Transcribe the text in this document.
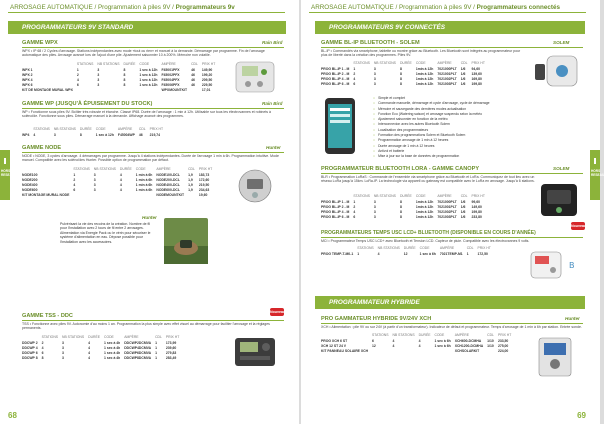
ARROSAGE AUTOMATIQUE / Programmation à piles 9V / Programmateurs 9v
PROGRAMMATEURS 9V STANDARD
HORS RESEAU
GAMME WPX	Rain Bird
WPX • IP 68 / 2 Cycles d'arrosage. Stations indépendantes avec mode «tout ou rien» et manuel à la demande. Démarrage par programme. Fin de l'arrosage automatique des piles. Arrosage avancé lors de l'ajout d'une pile. Ajustement saisonnier 10 à 200%. Mémoire non volatile.
	STATIONS	NB STATIONS	DURÉE	CODE	AMPÈRE	CDL	PRIX HT
WPX 1	1	3	8	1 sec à 12h	F45001PFX	46	149,90
WPX 2	2	3	8	1 sec à 12h	F45002PFX	46	199,20
WPX 4	4	3	8	1 sec à 12h	F45004PFX	46	209,50
WPX 6	6	3	8	1 sec à 12h	F45006PFX	46	229,50
KIT DE MONTAGE MURAL WPX					WPXMOUNTKIT		17,01
GAMME WP (JUSQU'À ÉPUISEMENT DU STOCK)	Rain Bird
WP • Fonctionne sous piles 9V. Boîtier très robuste et étanche. Classé IP68. Durée de l'arrosage : 1 min à 12h. Utilisable sur tous les électrovannes et robinets à solénoïde. Fonctionne sous piles. Démarrage manuel à la demande. Affichage avancé des programmes.
	STATIONS	NB STATIONS	DURÉE	CODE	AMPÈRE	CDL	PRIX HT
WP4	4	3	8	1 sec à 12h	F45004WP	46	219,74
GAMME NODE	Hunter
NODE • NODE, 3 cycles d'arrosage. 4 démarrages par programme. Jusqu'à 4 stations indépendantes. Durée de l'arrosage 1 min à 6h. Programmation intuitive. Mode manuel. Compatible avec les solénoïdes Hunter. Possible option de programmation par défaut.
	STATIONS	NB STATIONS	DURÉE	CODE	AMPÈRE	CDL	PRIX HT
NODE100	1	3	4	1 min à 6h	NODE100-DCL	1,9	183,73
NODE200	2	3	4	1 min à 6h	NODE200-DCL	1,9	172,60
NODE400	4	3	4	1 min à 6h	NODE400-DCL	1,9	219,50
NODE600	6	3	4	1 min à 6h	NODE600-DCL	1,9	234,63
KIT MONTAGE MURAL NODE					NODEMOUNTKIT		19,60
Hunter
Pulvérisant la vie des recoins de la création. Nombre de fil pour l'installation avec 2 tours de fil entre 2 arrosages. Alimentation via Energie Pack ou le vérin pour sécuriser le système d'alimentation en eau. Dépose possible pour l'installation avec les accessoires.
GAMME TSS - DDC
Nouveau
TSS • Fonctionne avec piles 9V. Autonomie d'au moins 1 an. Programmation la plus simple avec effet visuel au démarrage pour faciliter l'arrosage et la réglages permanents.
	STATIONS	NB STATIONS	DURÉE	CODE	AMPÈRE	CDL	PRIX HT
DDCWP 2	2	3	4	1 sec à 4h	DDCWP2DCMVA	1	173,99
DDCWP 4	4	3	4	1 sec à 4h	DDCWP4DCMVA	1	239,60
DDCWP 6	6	3	4	1 sec à 4h	DDCWP6DCMVA	1	279,83
DDCWP 8	8	3	4	1 sec à 4h	DDCWP8DCMVA	1	283,49
68
ARROSAGE AUTOMATIQUE / Programmation à piles 9V / Programmateurs connectés
PROGRAMMATEURS 9V CONNECTÉS
HORS RESEAU
GAMME BL-IP BLUETOOTH - SOLEM	SOLEM
BL-IP • Commandés via smartphone, tablette ou montre grâce au Bluetooth. Les Bluetooth sont intégrés au programmateur pour plus de liberté dans la création des programmes. Piles 9V.
	STATIONS	NB STATIONS	DURÉE	CODE	AMPÈRE	CDL	PRIX HT
PROG BL-IP 1 - M	1	3	8	1min à 12h	7021000PLT	1/6	94,60
PROG BL-IP 2 - M	2	3	8	1min à 12h	7021001PLT	1/6	139,60
PROG BL-IP 4 - M	4	3	8	1min à 12h	7021002PLT	1/6	169,80
PROG BL-IP 6 - M	6	3	8	1min à 12h	7021003PLT	1/6	199,80
○ Simple et complet
○ Commande manuelle, démarrage et cycle d'arrosage, cycle de démarrage
○ Mémoire et sauvegarde des dernières modes actualisation
○ Fonction Eco (Watering saison) et arrosage suspendu selon la météo
○ Ajustement saisonnier en fonction de la météo
○ Interconnexion avec les autres Bluetooth Solem
○ Localisation des programmateurs
○ Formation des programmations Solem et Bluetooth Solem
○ Programmation arrosage de 1 min à 12 heures
○ Durée arrosage de 1 min à 12 heures
○ Antivol et batterie
○ Mise à jour sur la base de données de programmation
PROGRAMMATEUR BLUETOOTH LORA - GAMME CANOPY	SOLEM
BLR • Programmation LoRaS : Commande de l'ensemble via smartphone grâce au Bluetooth et LoRa. Communiquez de tout lieu avec un réseau LoRa jusqu'à 15km. LoRa-IP. La technologie via appareil ou gateway est compatible avec le LoRa en arrosage. Jusqu'à 6 stations.
	STATIONS	NB STATIONS	DURÉE	CODE	AMPÈRE	CDL	PRIX HT
PROG BL-IP 1 - M	1	3	8	1min à 12h	7021000PLT	1/6	99,60
PROG BL-IP 2 - M	2	3	8	1min à 12h	7021001PLT	1/6	149,60
PROG BL-IP 4 - M	4	3	8	1min à 12h	7021002PLT	1/6	199,80
PROG BL-IP 6 - M	6	3	8	1min à 12h	7021003PLT	1/6	233,80
Nouveau
PROGRAMMATEURS TEMPS USC LCD+ BLUETOOTH (DISPONIBLE EN COURS D'ANNÉE)
MCI • Programmateur Temps USC LCD+ avec Bluetooth et Tension LCD. Capteur de pluie. Compatible avec les électrovannes 9 volts.
	STATIONS	NB STATIONS	DURÉE	CODE	AMPÈRE	CDL	PRIX HT
PROG TEMP-T-M0-1	1	4	12	1 sec à 6h	7021TEMP-M1	1	172,50
𝖡
PROGRAMMATEUR HYBRIDE
PRO GAMMATEUR HYBRIDE 9V/24V XCH	Hunter
XCH • Alimentation : pile 9V ou sur 24V (à partir d'un transformateur). Indicateur de défaut et programmateur. Temps d'arrosage de 1 min à 6h par station. Entrée sonde.
	STATIONS	NB STATIONS	DURÉE	CODE	AMPÈRE	CDL	PRIX HT
PROG XCH 6 ST	6	4	4	1 sec à 6h	XCH600-DCMHA	1/10	233,50
XCH 12 ST 24 V	12	4	4	1 sec à 6h	XCH1200-DCMHA	1/10	275,00
KIT PANNEAU SOLAIRE XCH					XCHSOLARKIT		224,00
69
